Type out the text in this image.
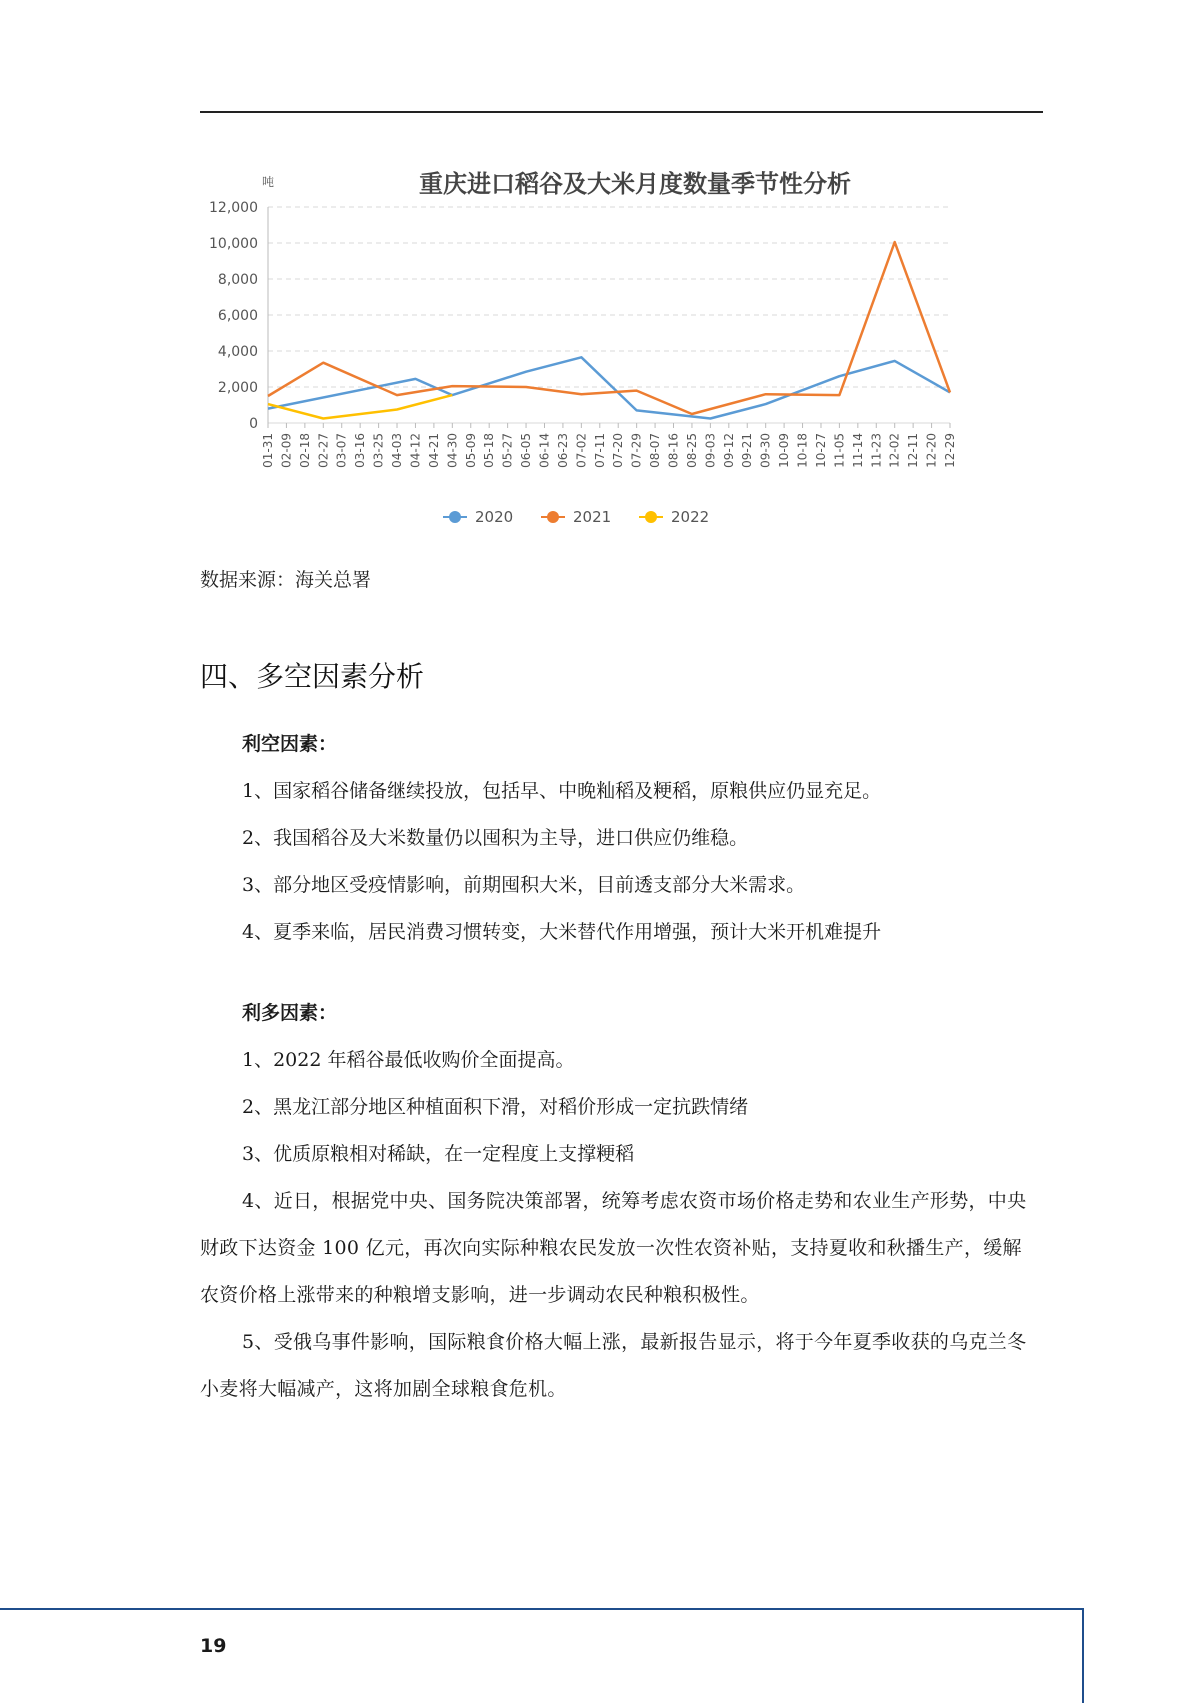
重庆进口稻谷及大米月度数量季节性分析
吨
0
2,000
4,000
6,000
8,000
10,000
12,000
01-31 02-09 02-18 02-27 03-07 03-16 03-25 04-03 04-12 04-21 04-30 05-09 05-18 05-27 06-05 06-14 06-23 07-02 07-11 07-20 07-29 08-07 08-16 08-25 09-03 09-12 09-21 09-30 10-09 10-18 10-27 11-05 11-14 11-23 12-02 12-11 12-20 12-29
2020	2021	2022
数据来源：海关总署
四、多空因素分析

利空因素：

1、国家稻谷储备继续投放，包括早、中晚籼稻及粳稻，原粮供应仍显充足。

2、我国稻谷及大米数量仍以囤积为主导，进口供应仍维稳。

3、部分地区受疫情影响，前期囤积大米，目前透支部分大米需求。

4、夏季来临，居民消费习惯转变，大米替代作用增强，预计大米开机难提升

利多因素：

1、2022 年稻谷最低收购价全面提高。

2、黑龙江部分地区种植面积下滑，对稻价形成一定抗跌情绪

3、优质原粮相对稀缺，在一定程度上支撑粳稻

4、近日，根据党中央、国务院决策部署，统筹考虑农资市场价格走势和农业生产形势，中央财政下达资金 100 亿元，再次向实际种粮农民发放一次性农资补贴，支持夏收和秋播生产，缓解农资价格上涨带来的种粮增支影响，进一步调动农民种粮积极性。

5、受俄乌事件影响，国际粮食价格大幅上涨，最新报告显示，将于今年夏季收获的乌克兰冬小麦将大幅减产，这将加剧全球粮食危机。

19
